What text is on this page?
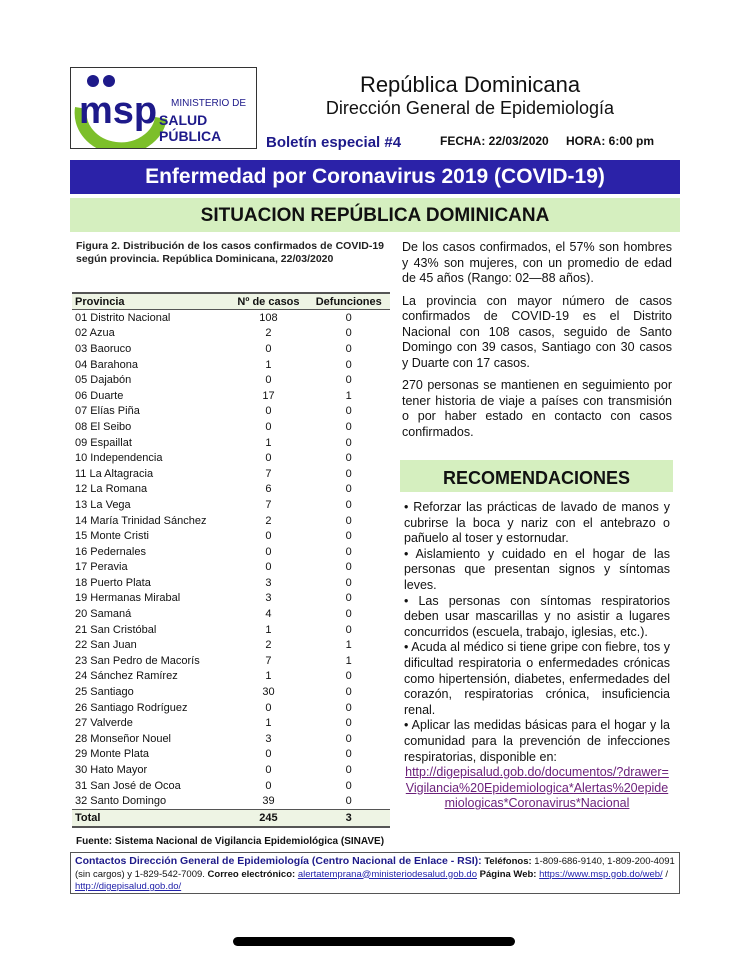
msp MINISTERIO DE
SALUD PÚBLICA
República Dominicana
Dirección General de Epidemiología
Boletín especial #4	FECHA: 22/03/2020 HORA: 6:00 pm
Enfermedad por Coronavirus 2019 (COVID-19)
SITUACION REPÚBLICA DOMINICANA
Figura 2. Distribución de los casos confirmados de COVID-19 según provincia. República Dominicana, 22/03/2020
Provincia	Nº de casos	Defunciones
01 Distrito Nacional	108	0
02 Azua	2	0
03 Baoruco	0	0
04 Barahona	1	0
05 Dajabón	0	0
06 Duarte	17	1
07 Elías Piña	0	0
08 El Seibo	0	0
09 Espaillat	1	0
10 Independencia	0	0
11 La Altagracia	7	0
12 La Romana	6	0
13 La Vega	7	0
14 María Trinidad Sánchez	2	0
15 Monte Cristi	0	0
16 Pedernales	0	0
17 Peravia	0	0
18 Puerto Plata	3	0
19 Hermanas Mirabal	3	0
20 Samaná	4	0
21 San Cristóbal	1	0
22 San Juan	2	1
23 San Pedro de Macorís	7	1
24 Sánchez Ramírez	1	0
25 Santiago	30	0
26 Santiago Rodríguez	0	0
27 Valverde	1	0
28 Monseñor Nouel	3	0
29 Monte Plata	0	0
30 Hato Mayor	0	0
31 San José de Ocoa	0	0
32 Santo Domingo	39	0
Total	245	3

De los casos confirmados, el 57% son hombres y 43% son mujeres, con un promedio de edad de 45 años (Rango: 02—88 años).

La provincia con mayor número de casos confirmados de COVID-19 es el Distrito Nacional con 108 casos, seguido de Santo Domingo con 39 casos, Santiago con 30 casos y Duarte con 17 casos.

270 personas se mantienen en seguimiento por tener historia de viaje a países con transmisión o por haber estado en contacto con casos confirmados.

RECOMENDACIONES
• Reforzar las prácticas de lavado de manos y cubrirse la boca y nariz con el antebrazo o pañuelo al toser y estornudar.
• Aislamiento y cuidado en el hogar de las personas que presentan signos y síntomas leves.
• Las personas con síntomas respiratorios deben usar mascarillas y no asistir a lugares concurridos (escuela, trabajo, iglesias, etc.).
• Acuda al médico si tiene gripe con fiebre, tos y dificultad respiratoria o enfermedades crónicas como hipertensión, diabetes, enfermedades del corazón, respiratorias crónica, insuficiencia renal.
• Aplicar las medidas básicas para el hogar y la comunidad para la prevención de infecciones respiratorias, disponible en:
http://digepisalud.gob.do/documentos/?drawer=Vigilancia%20Epidemiologica*Alertas%20epidemiologicas*Coronavirus*Nacional
Fuente: Sistema Nacional de Vigilancia Epidemiológica (SINAVE)
Contactos Dirección General de Epidemiología (Centro Nacional de Enlace - RSI): Teléfonos: 1-809-686-9140, 1-809-200-4091 (sin cargos) y 1-829-542-7009. Correo electrónico: alertatemprana@ministeriodesalud.gob.do Página Web: https://www.msp.gob.do/web/ / http://digepisalud.gob.do/
